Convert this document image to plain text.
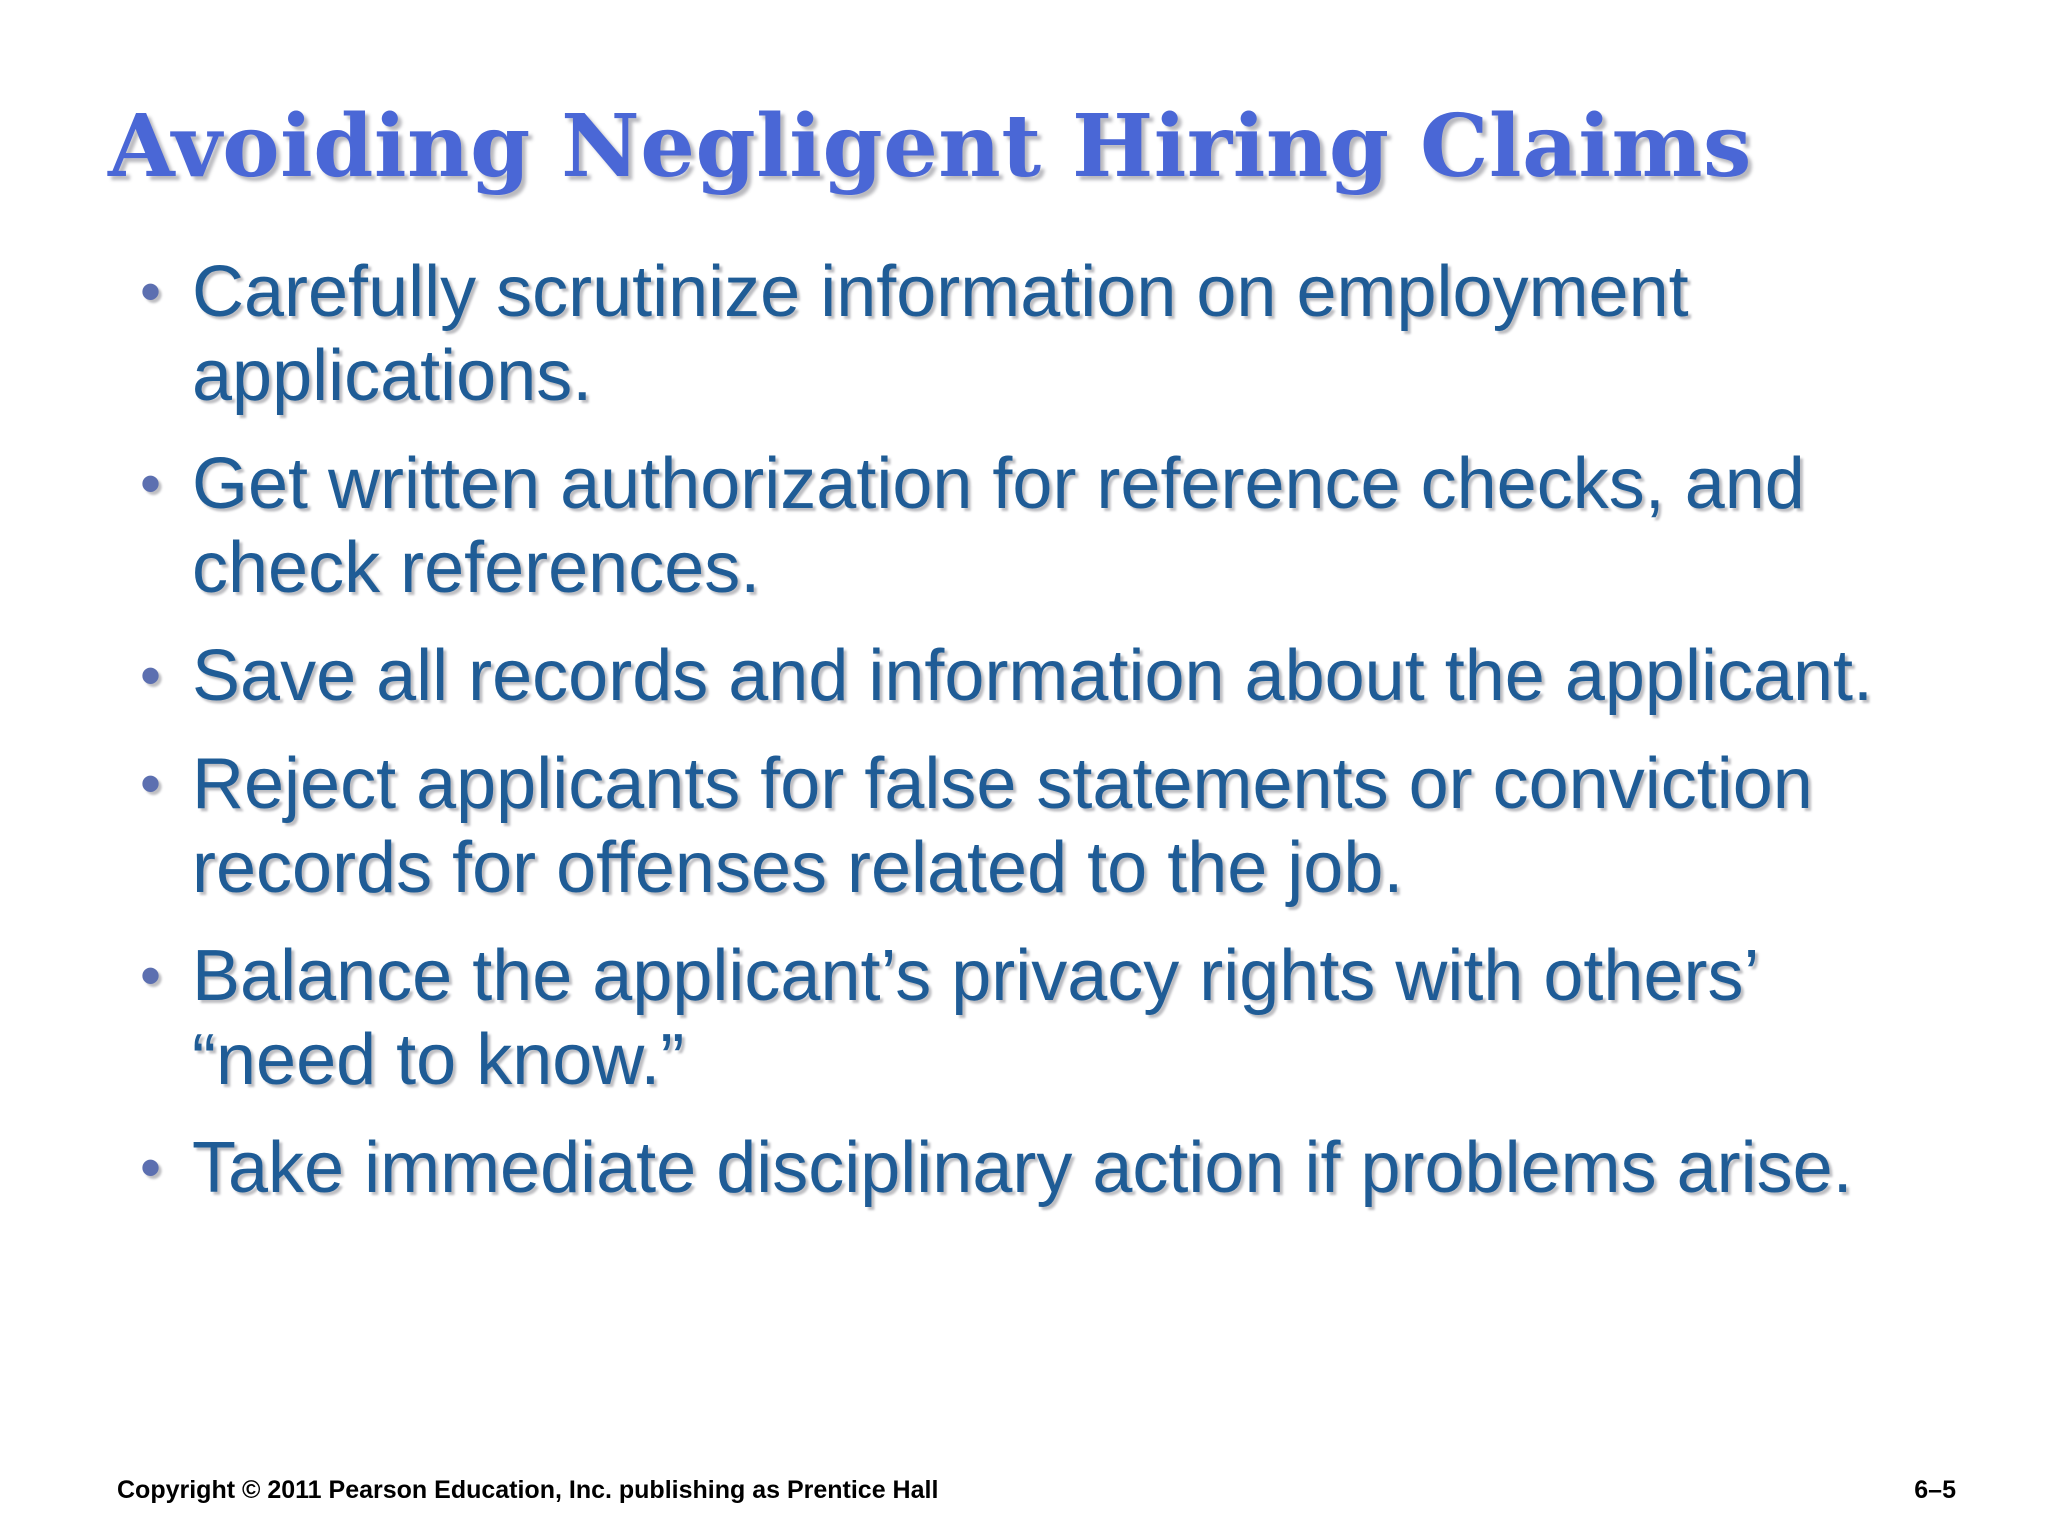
Avoiding Negligent Hiring Claims
• Carefully scrutinize information on employment applications.
• Get written authorization for reference checks, and check references.
• Save all records and information about the applicant.
• Reject applicants for false statements or conviction records for offenses related to the job.
• Balance the applicant’s privacy rights with others’ “need to know.”
• Take immediate disciplinary action if problems arise.
Copyright © 2011 Pearson Education, Inc. publishing as Prentice Hall	6–5
